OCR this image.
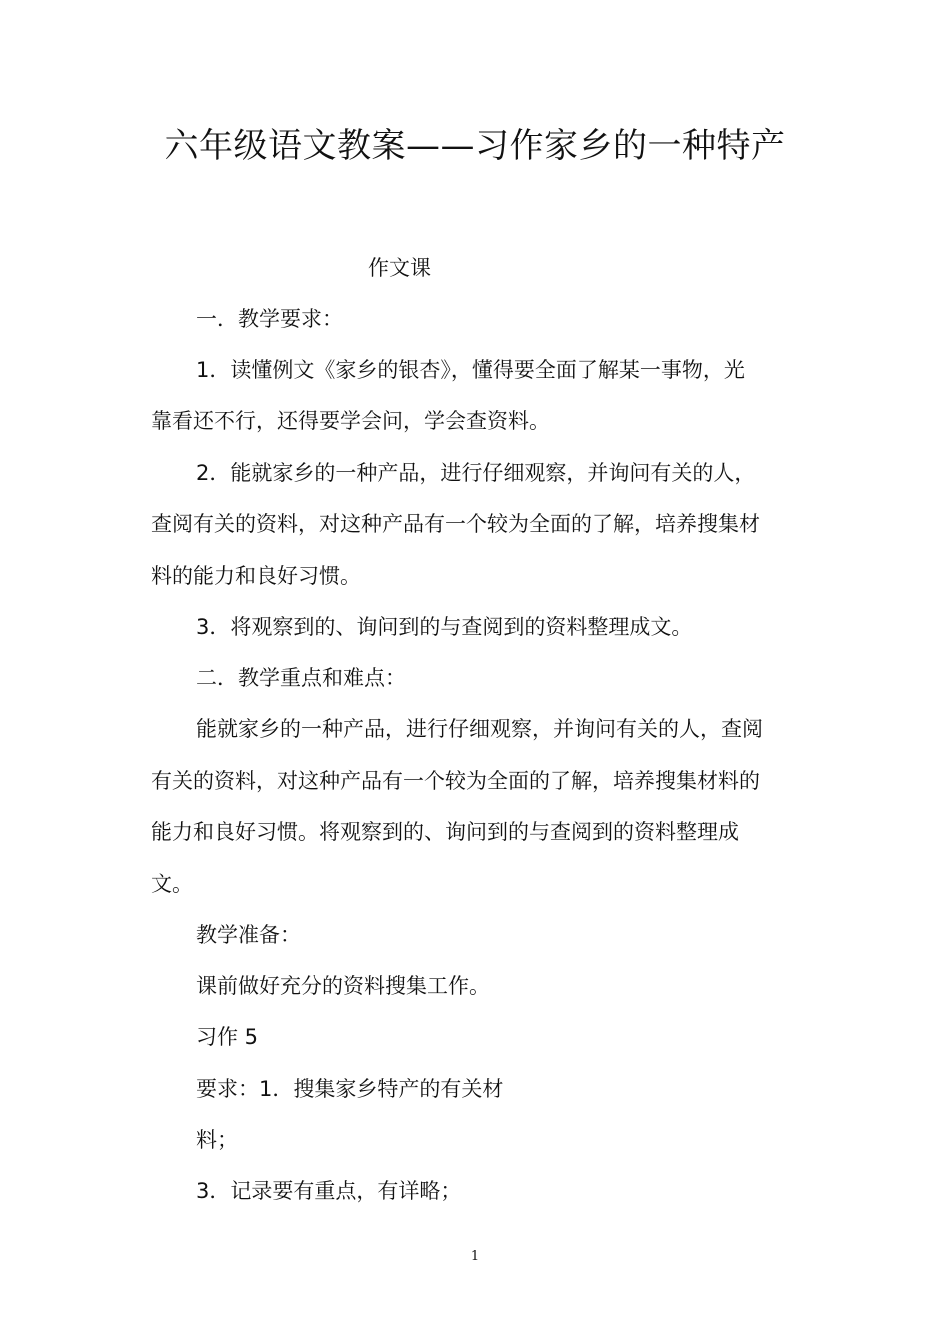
六年级语文教案——习作家乡的一种特产
作文课
一．教学要求：
1．读懂例文《家乡的银杏》，懂得要全面了解某一事物，光
靠看还不行，还得要学会问，学会查资料。
2．能就家乡的一种产品，进行仔细观察，并询问有关的人，
查阅有关的资料，对这种产品有一个较为全面的了解，培养搜集材
料的能力和良好习惯。
3．将观察到的、询问到的与查阅到的资料整理成文。
二．教学重点和难点：
能就家乡的一种产品，进行仔细观察，并询问有关的人，查阅
有关的资料，对这种产品有一个较为全面的了解，培养搜集材料的
能力和良好习惯。将观察到的、询问到的与查阅到的资料整理成
文。
教学准备：
课前做好充分的资料搜集工作。
习作 5
要求：1．搜集家乡特产的有关材
料；
3．记录要有重点，有详略；
1
